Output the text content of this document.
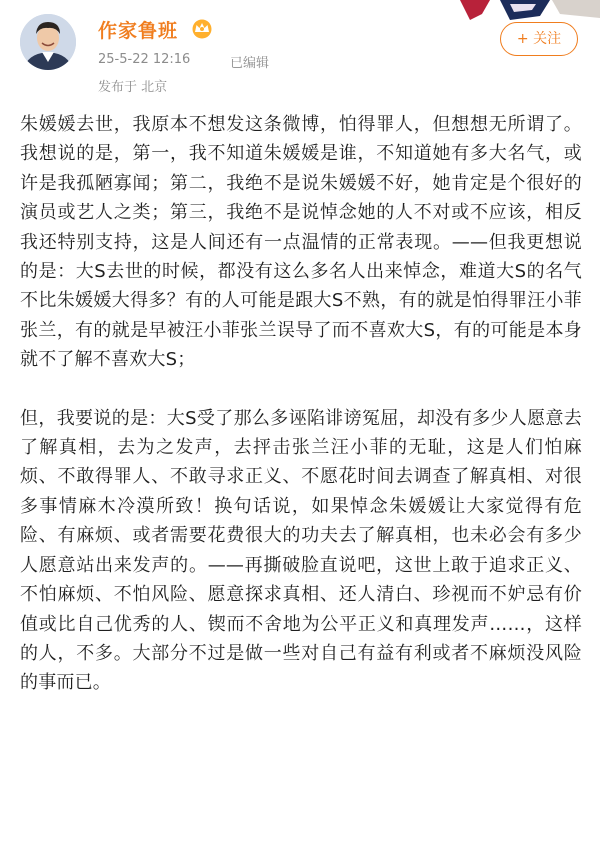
作家鲁班
25-5-22 12:16	已编辑
发布于 北京
+ 关注

朱媛媛去世，我原本不想发这条微博，怕得罪人，但想想无所谓了。我想说的是，第一，我不知道朱媛媛是谁，不知道她有多大名气，或许是我孤陋寡闻；第二，我绝不是说朱媛媛不好，她肯定是个很好的演员或艺人之类；第三，我绝不是说悼念她的人不对或不应该，相反我还特别支持，这是人间还有一点温情的正常表现。——但我更想说的是：大S去世的时候，都没有这么多名人出来悼念，难道大S的名气不比朱媛媛大得多？有的人可能是跟大S不熟，有的就是怕得罪汪小菲张兰，有的就是早被汪小菲张兰误导了而不喜欢大S，有的可能是本身就不了解不喜欢大S；

但，我要说的是：大S受了那么多诬陷诽谤冤屈，却没有多少人愿意去了解真相，去为之发声，去抨击张兰汪小菲的无耻，这是人们怕麻烦、不敢得罪人、不敢寻求正义、不愿花时间去调查了解真相、对很多事情麻木冷漠所致！换句话说，如果悼念朱媛媛让大家觉得有危险、有麻烦、或者需要花费很大的功夫去了解真相，也未必会有多少人愿意站出来发声的。——再撕破脸直说吧，这世上敢于追求正义、不怕麻烦、不怕风险、愿意探求真相、还人清白、珍视而不妒忌有价值或比自己优秀的人、锲而不舍地为公平正义和真理发声……，这样的人，不多。大部分不过是做一些对自己有益有利或者不麻烦没风险的事而已。
